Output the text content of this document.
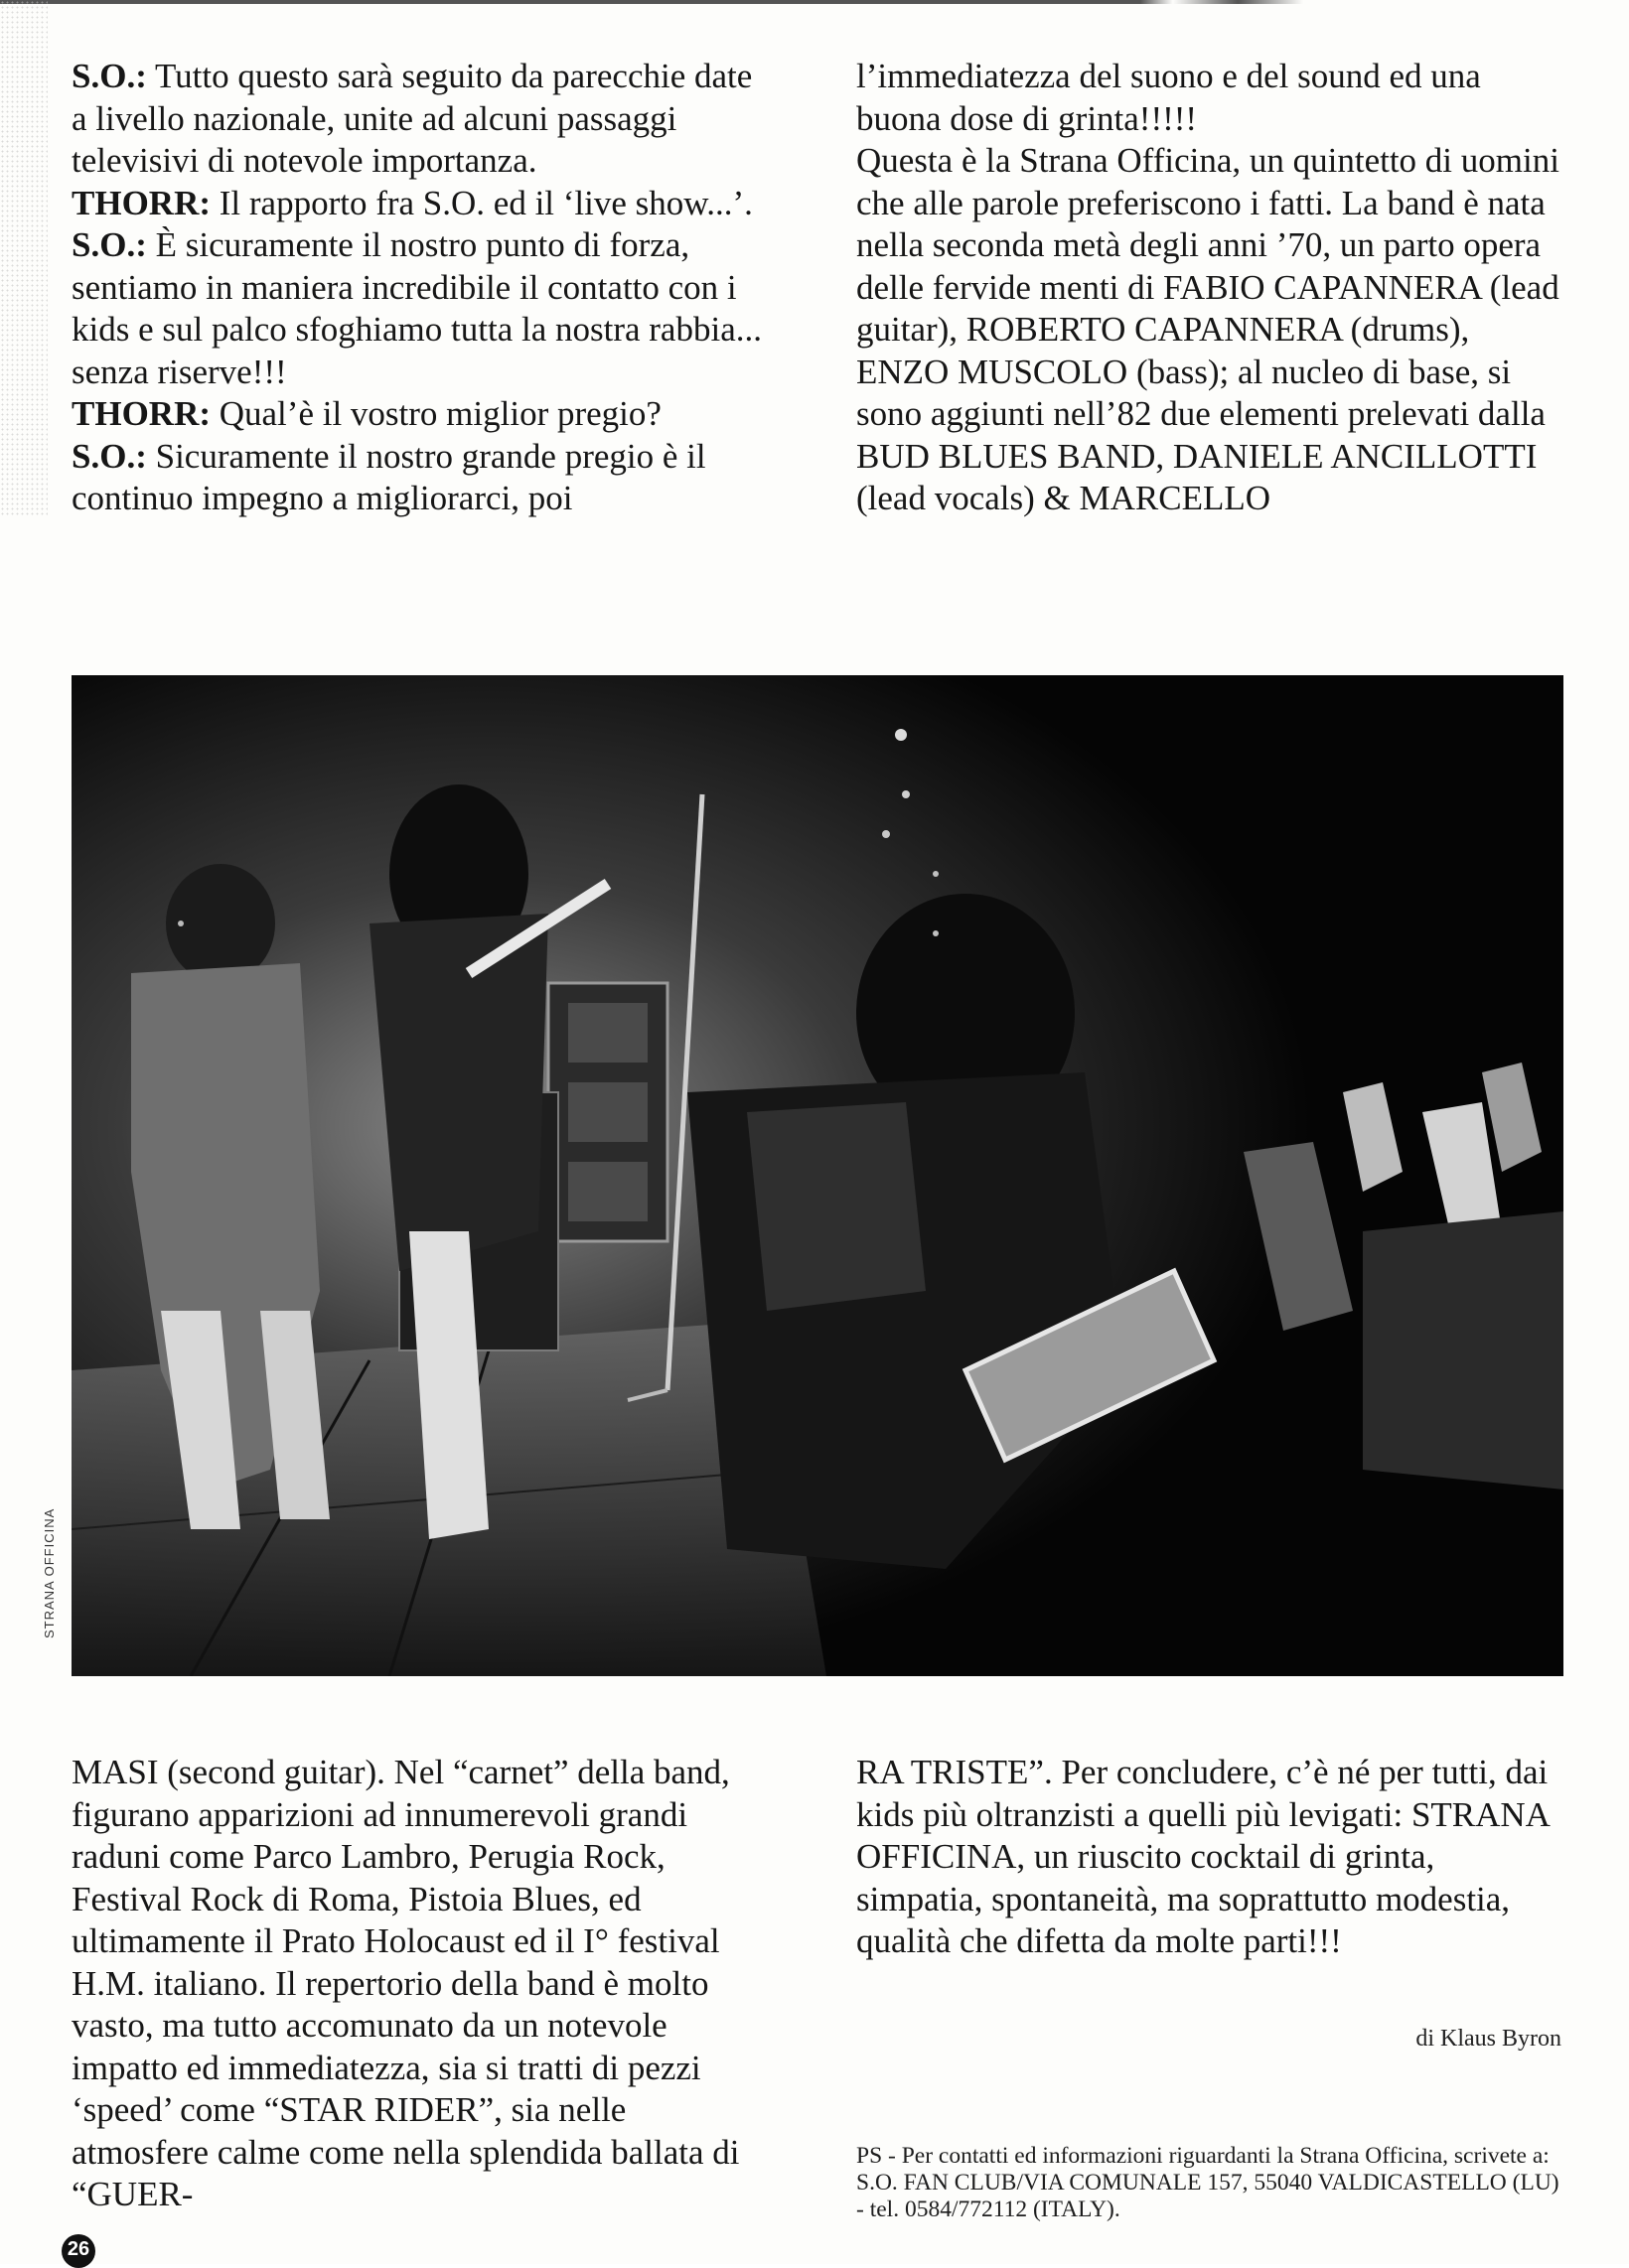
S.O.: Tutto questo sarà seguito da parecchie date a livello nazionale, unite ad alcuni passaggi televisivi di notevole importanza.

THORR: Il rapporto fra S.O. ed il ‘live show...’.

S.O.: È sicuramente il nostro punto di forza, sentiamo in maniera incredibile il contatto con i kids e sul palco sfoghiamo tutta la nostra rabbia... senza riserve!!!

THORR: Qual’è il vostro miglior pregio?

S.O.: Sicuramente il nostro grande pregio è il continuo impegno a migliorarci, poi

l’immediatezza del suono e del sound ed una buona dose di grinta!!!!!

Questa è la Strana Officina, un quintetto di uomini che alle parole preferiscono i fatti. La band è nata nella seconda metà degli anni ’70, un parto opera delle fervide menti di FABIO CAPANNERA (lead guitar), ROBERTO CAPANNERA (drums), ENZO MUSCOLO (bass); al nucleo di base, si sono aggiunti nell’82 due elementi prelevati dalla BUD BLUES BAND, DANIELE ANCILLOTTI (lead vocals) & MARCELLO

STRANA OFFICINA

MASI (second guitar). Nel “carnet” della band, figurano apparizioni ad innumerevoli grandi raduni come Parco Lambro, Perugia Rock, Festival Rock di Roma, Pistoia Blues, ed ultimamente il Prato Holocaust ed il I° festival H.M. italiano. Il repertorio della band è molto vasto, ma tutto accomunato da un notevole impatto ed immediatezza, sia si tratti di pezzi ‘speed’ come “STAR RIDER”, sia nelle atmosfere calme come nella splendida ballata di “GUER-

RA TRISTE”. Per concludere, c’è né per tutti, dai kids più oltranzisti a quelli più levigati: STRANA OFFICINA, un riuscito cocktail di grinta, simpatia, spontaneità, ma soprattutto modestia, qualità che difetta da molte parti!!!

di Klaus Byron
PS - Per contatti ed informazioni riguardanti la Strana Officina, scrivete a: S.O. FAN CLUB/VIA COMUNALE 157, 55040 VALDICASTELLO (LU) - tel. 0584/772112 (ITALY).
26
